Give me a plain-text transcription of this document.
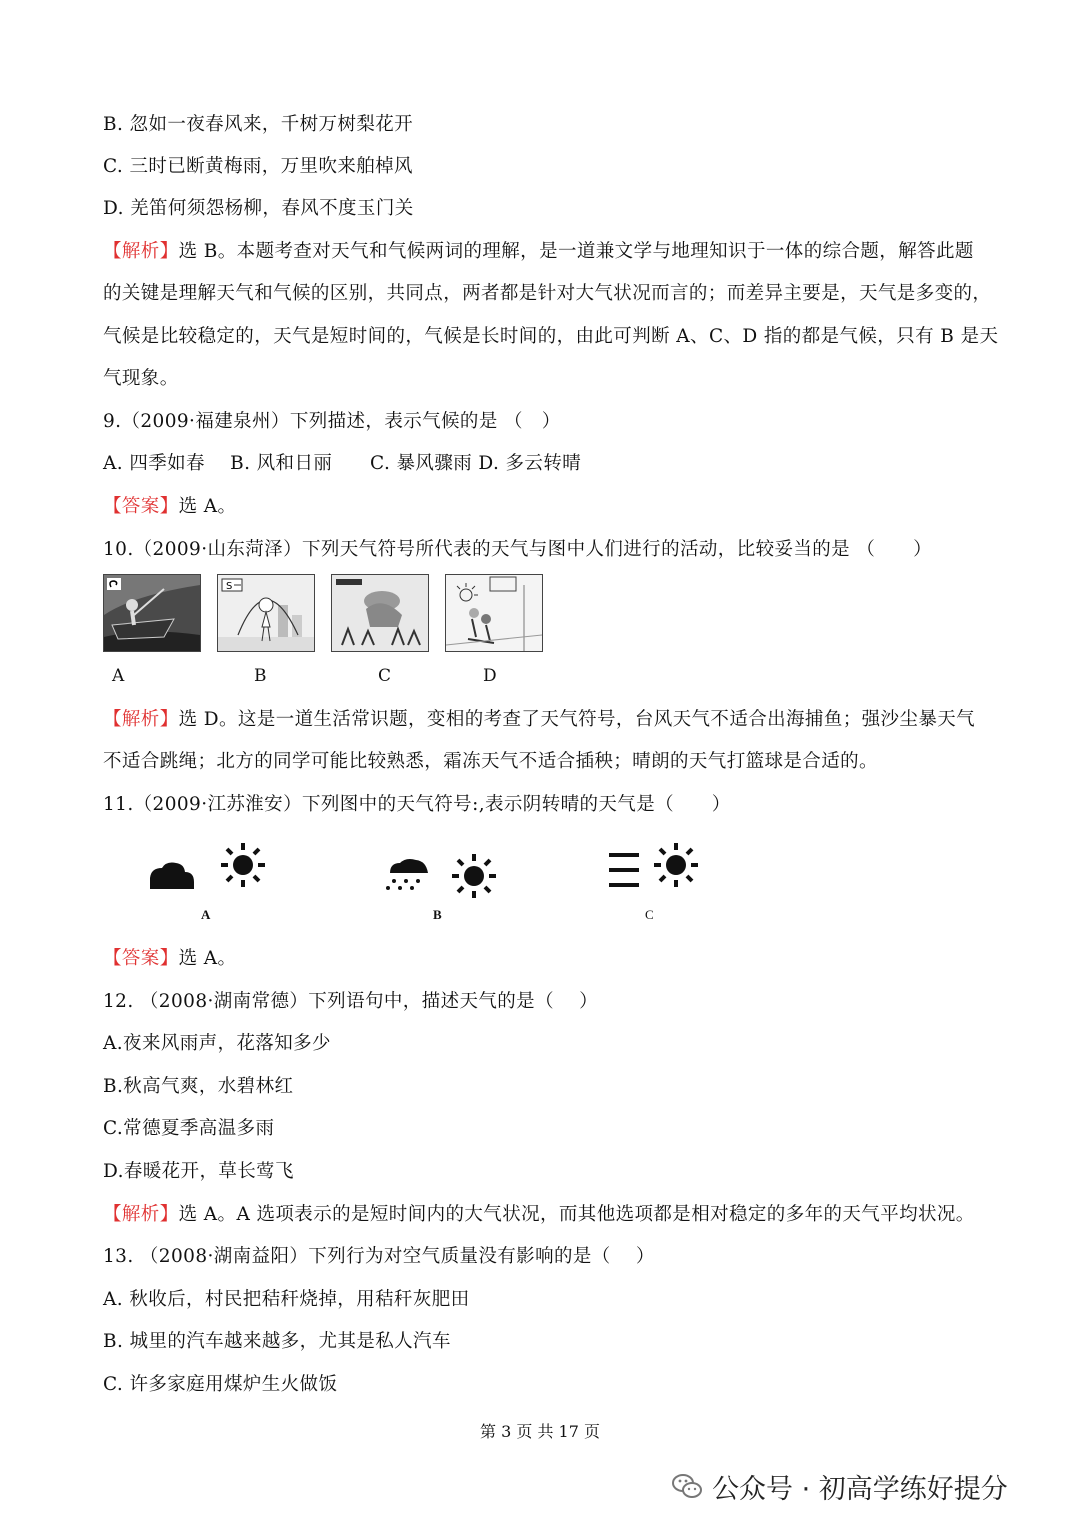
B. 忽如一夜春风来，千树万树梨花开
C. 三时已断黄梅雨，万里吹来舶棹风
D. 羌笛何须怨杨柳，春风不度玉门关
【解析】选 B。本题考查对天气和气候两词的理解，是一道兼文学与地理知识于一体的综合题，解答此题
的关键是理解天气和气候的区别，共同点，两者都是针对大气状况而言的；而差异主要是，天气是多变的，
气候是比较稳定的，天气是短时间的，气候是长时间的，由此可判断 A、C、D 指的都是气候，只有 B 是天
气现象。
9.（2009·福建泉州）下列描述，表示气候的是 （　）
A. 四季如春　 B. 风和日丽　　C. 暴风骤雨 D. 多云转晴
【答案】选 A。
10.（2009·山东菏泽）下列天气符号所代表的天气与图中人们进行的活动，比较妥当的是 （　　）
S
A	B	C	D
【解析】选 D。这是一道生活常识题，变相的考查了天气符号，台风天气不适合出海捕鱼；强沙尘暴天气
不适合跳绳；北方的同学可能比较熟悉，霜冻天气不适合插秧；晴朗的天气打篮球是合适的。
11.（2009·江苏淮安）下列图中的天气符号:,表示阴转晴的天气是（　　）
A	B	C
【答案】选 A。
12. （2008·湖南常德）下列语句中，描述天气的是（　 ）
A.夜来风雨声，花落知多少
B.秋高气爽，水碧林红
C.常德夏季高温多雨
D.春暖花开，草长莺飞
【解析】选 A。A 选项表示的是短时间内的大气状况，而其他选项都是相对稳定的多年的天气平均状况。
13. （2008·湖南益阳）下列行为对空气质量没有影响的是（　 ）
A. 秋收后，村民把秸秆烧掉，用秸秆灰肥田
B. 城里的汽车越来越多，尤其是私人汽车
C. 许多家庭用煤炉生火做饭
第 3 页 共 17 页
公众号 · 初高学练好提分
